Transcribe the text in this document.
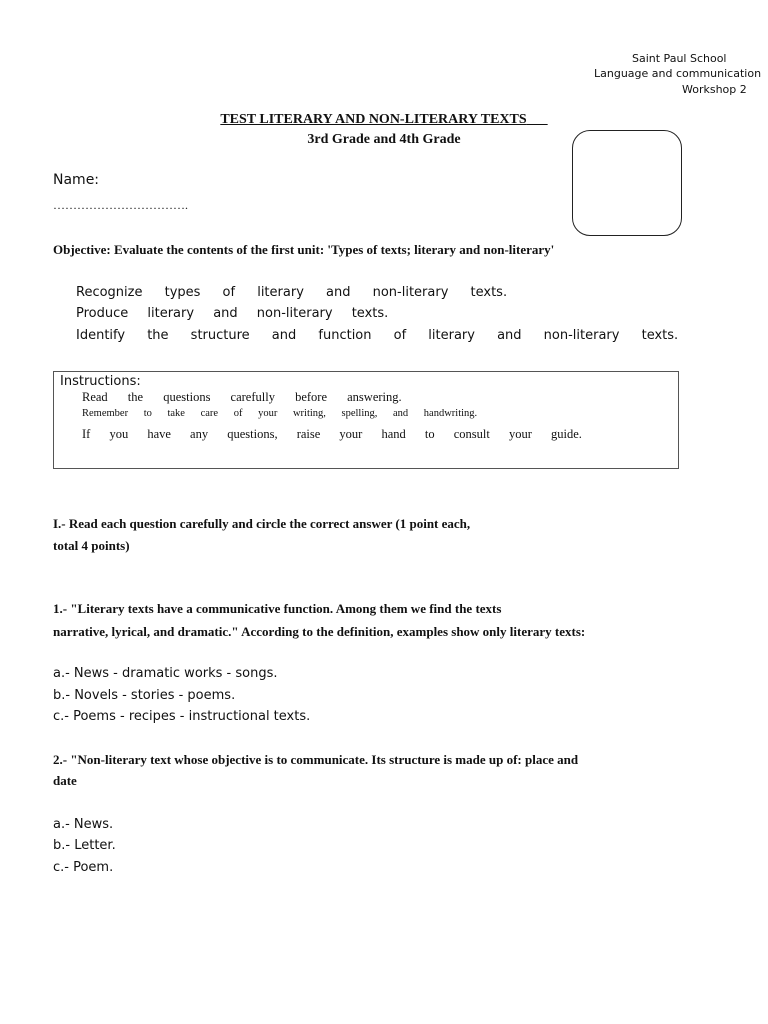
Saint Paul School
Language and communication
Workshop 2
TEST LITERARY AND NON-LITERARY TEXTS
3rd Grade and 4th Grade
Name:
…………………………….
Objective: Evaluate the contents of the first unit: 'Types of texts; literary and non-literary'
Recognize types of literary and non-literary texts.
Produce literary and non-literary texts.
Identify the structure and function of literary and non-literary texts.
Instructions:
Read the questions carefully before answering.
Remember to take care of your writing, spelling, and handwriting.
If you have any questions, raise your hand to consult your guide.
I.- Read each question carefully and circle the correct answer (1 point each,
total 4 points)
1.- "Literary texts have a communicative function. Among them we find the texts
narrative, lyrical, and dramatic." According to the definition, examples show only literary texts:
a.- News - dramatic works - songs.
b.- Novels - stories - poems.
c.- Poems - recipes - instructional texts.
2.- "Non-literary text whose objective is to communicate. Its structure is made up of: place and
date
a.- News.
b.- Letter.
c.- Poem.
